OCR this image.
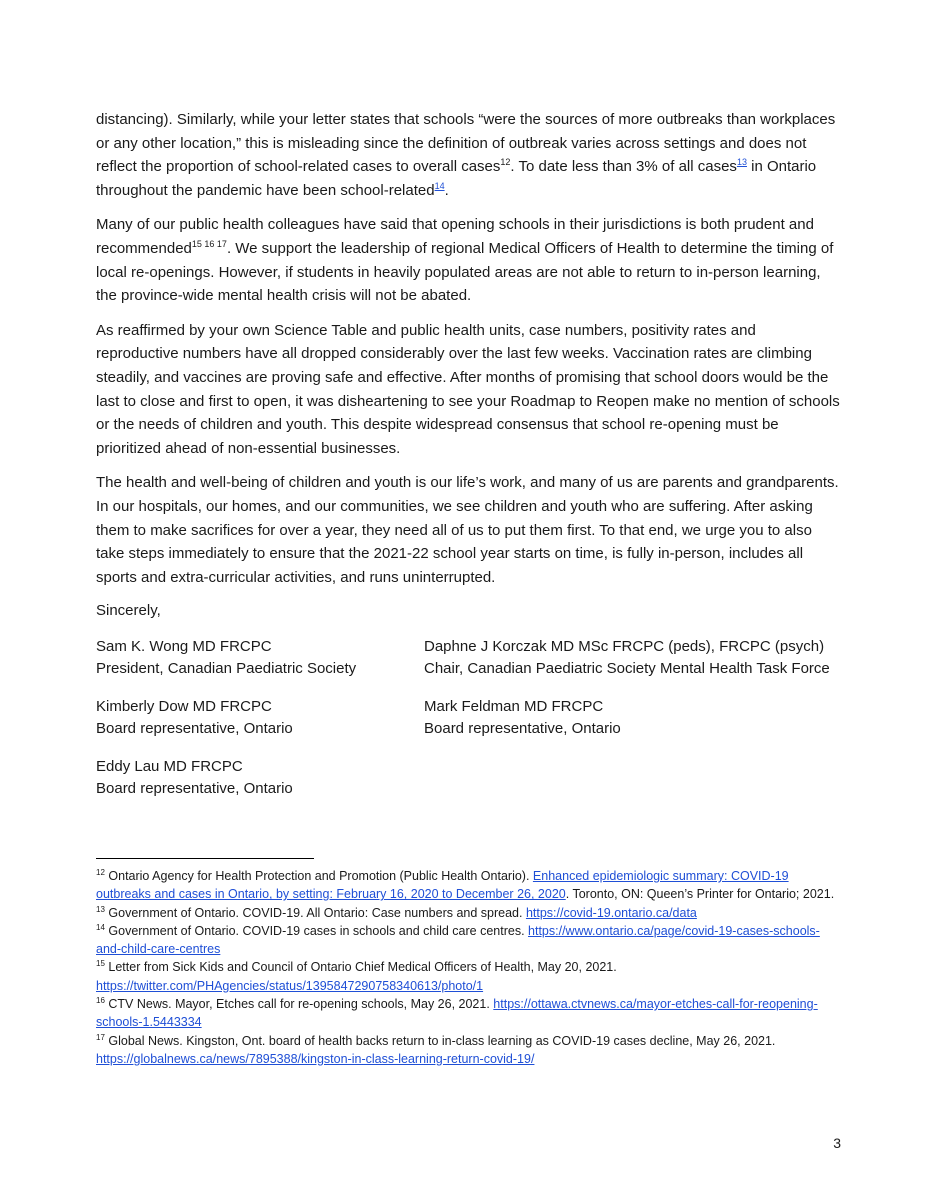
distancing). Similarly, while your letter states that schools “were the sources of more outbreaks than workplaces or any other location,” this is misleading since the definition of outbreak varies across settings and does not reflect the proportion of school-related cases to overall cases$^{12}$. To date less than 3% of all cases$^{13}$ in Ontario throughout the pandemic have been school-related$^{14}$.

Many of our public health colleagues have said that opening schools in their jurisdictions is both prudent and recommended$^{15 16 17}$. We support the leadership of regional Medical Officers of Health to determine the timing of local re-openings. However, if students in heavily populated areas are not able to return to in-person learning, the province-wide mental health crisis will not be abated.

As reaffirmed by your own Science Table and public health units, case numbers, positivity rates and reproductive numbers have all dropped considerably over the last few weeks. Vaccination rates are climbing steadily, and vaccines are proving safe and effective. After months of promising that school doors would be the last to close and first to open, it was disheartening to see your Roadmap to Reopen make no mention of schools or the needs of children and youth. This despite widespread consensus that school re-opening must be prioritized ahead of non-essential businesses.

The health and well-being of children and youth is our life’s work, and many of us are parents and grandparents. In our hospitals, our homes, and our communities, we see children and youth who are suffering. After asking them to make sacrifices for over a year, they need all of us to put them first. To that end, we urge you to also take steps immediately to ensure that the 2021-22 school year starts on time, is fully in-person, includes all sports and extra-curricular activities, and runs uninterrupted.

Sincerely,

Sam K. Wong MD FRCPC
President, Canadian Paediatric Society
Daphne J Korczak MD MSc FRCPC (peds), FRCPC (psych)
Chair, Canadian Paediatric Society Mental Health Task Force
Kimberly Dow MD FRCPC
Board representative, Ontario
Mark Feldman MD FRCPC
Board representative, Ontario
Eddy Lau MD FRCPC
Board representative, Ontario

$^{12}$ Ontario Agency for Health Protection and Promotion (Public Health Ontario). Enhanced epidemiologic summary: COVID-19 outbreaks and cases in Ontario, by setting: February 16, 2020 to December 26, 2020. Toronto, ON: Queen’s Printer for Ontario; 2021.

$^{13}$ Government of Ontario. COVID-19. All Ontario: Case numbers and spread. https://covid-19.ontario.ca/data

$^{14}$ Government of Ontario. COVID-19 cases in schools and child care centres. https://www.ontario.ca/page/covid-19-cases-schools-and-child-care-centres

$^{15}$ Letter from Sick Kids and Council of Ontario Chief Medical Officers of Health, May 20, 2021. https://twitter.com/PHAgencies/status/1395847290758340613/photo/1

$^{16}$ CTV News. Mayor, Etches call for re-opening schools, May 26, 2021. https://ottawa.ctvnews.ca/mayor-etches-call-for-reopening-schools-1.5443334

$^{17}$ Global News. Kingston, Ont. board of health backs return to in-class learning as COVID-19 cases decline, May 26, 2021. https://globalnews.ca/news/7895388/kingston-in-class-learning-return-covid-19/

3
